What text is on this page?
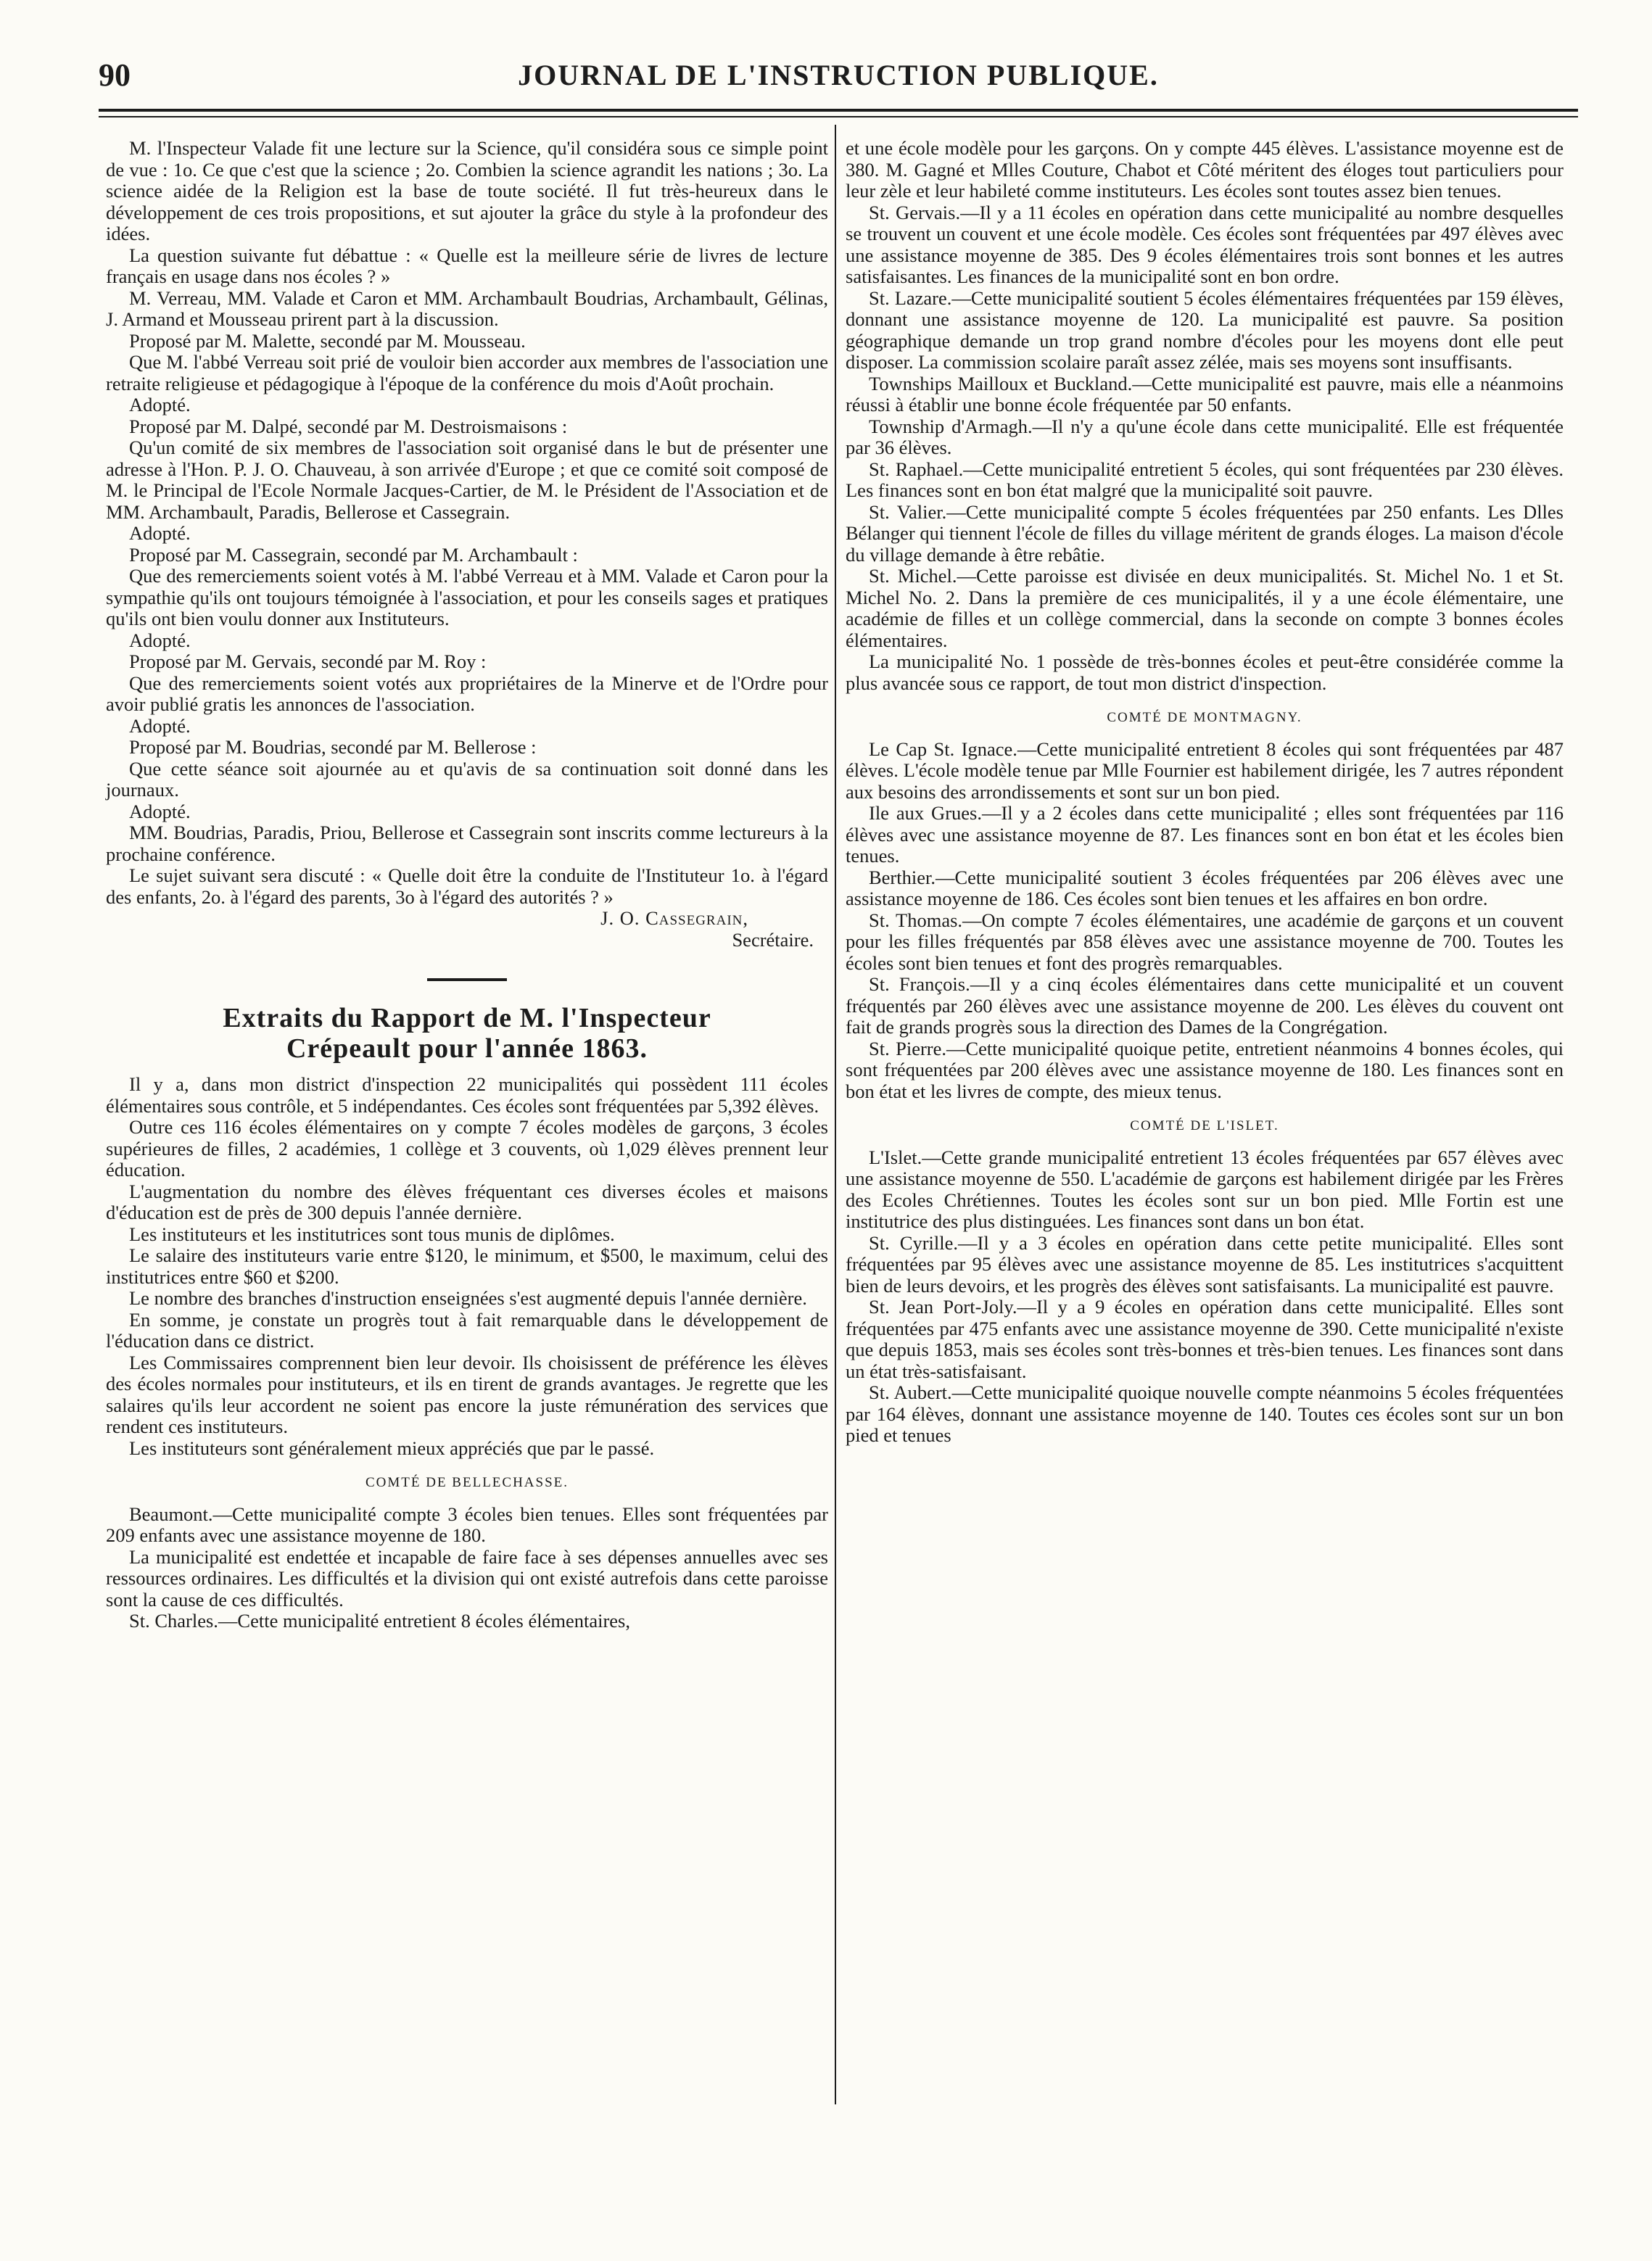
90	JOURNAL DE L'INSTRUCTION PUBLIQUE.

M. l'Inspecteur Valade fit une lecture sur la Science, qu'il considéra sous ce simple point de vue : 1o. Ce que c'est que la science ; 2o. Combien la science agrandit les nations ; 3o. La science aidée de la Religion est la base de toute société. Il fut très-heureux dans le développement de ces trois propositions, et sut ajouter la grâce du style à la profondeur des idées.

La question suivante fut débattue : « Quelle est la meilleure série de livres de lecture français en usage dans nos écoles ? »

M. Verreau, MM. Valade et Caron et MM. Archambault Boudrias, Archambault, Gélinas, J. Armand et Mousseau prirent part à la discussion.

Proposé par M. Malette, secondé par M. Mousseau.

Que M. l'abbé Verreau soit prié de vouloir bien accorder aux membres de l'association une retraite religieuse et pédagogique à l'époque de la conférence du mois d'Août prochain.

Adopté.

Proposé par M. Dalpé, secondé par M. Destroismaisons :

Qu'un comité de six membres de l'association soit organisé dans le but de présenter une adresse à l'Hon. P. J. O. Chauveau, à son arrivée d'Europe ; et que ce comité soit composé de M. le Principal de l'Ecole Normale Jacques-Cartier, de M. le Président de l'Association et de MM. Archambault, Paradis, Bellerose et Cassegrain.

Adopté.

Proposé par M. Cassegrain, secondé par M. Archambault :

Que des remerciements soient votés à M. l'abbé Verreau et à MM. Valade et Caron pour la sympathie qu'ils ont toujours témoignée à l'association, et pour les conseils sages et pratiques qu'ils ont bien voulu donner aux Instituteurs.

Adopté.

Proposé par M. Gervais, secondé par M. Roy :

Que des remerciements soient votés aux propriétaires de la Minerve et de l'Ordre pour avoir publié gratis les annonces de l'association.

Adopté.

Proposé par M. Boudrias, secondé par M. Bellerose :

Que cette séance soit ajournée au et qu'avis de sa continuation soit donné dans les journaux.

Adopté.

MM. Boudrias, Paradis, Priou, Bellerose et Cassegrain sont inscrits comme lectureurs à la prochaine conférence.

Le sujet suivant sera discuté : « Quelle doit être la conduite de l'Instituteur 1o. à l'égard des enfants, 2o. à l'égard des parents, 3o à l'égard des autorités ? »

J. O. Cassegrain,

Secrétaire.

Extraits du Rapport de M. l'Inspecteur
Crépeault pour l'année 1863.

Il y a, dans mon district d'inspection 22 municipalités qui possèdent 111 écoles élémentaires sous contrôle, et 5 indépendantes. Ces écoles sont fréquentées par 5,392 élèves.

Outre ces 116 écoles élémentaires on y compte 7 écoles modèles de garçons, 3 écoles supérieures de filles, 2 académies, 1 collège et 3 couvents, où 1,029 élèves prennent leur éducation.

L'augmentation du nombre des élèves fréquentant ces diverses écoles et maisons d'éducation est de près de 300 depuis l'année dernière.

Les instituteurs et les institutrices sont tous munis de diplômes.

Le salaire des instituteurs varie entre $120, le minimum, et $500, le maximum, celui des institutrices entre $60 et $200.

Le nombre des branches d'instruction enseignées s'est augmenté depuis l'année dernière.

En somme, je constate un progrès tout à fait remarquable dans le développement de l'éducation dans ce district.

Les Commissaires comprennent bien leur devoir. Ils choisissent de préférence les élèves des écoles normales pour instituteurs, et ils en tirent de grands avantages. Je regrette que les salaires qu'ils leur accordent ne soient pas encore la juste rémunération des services que rendent ces instituteurs.

Les instituteurs sont généralement mieux appréciés que par le passé.

COMTÉ DE BELLECHASSE.

Beaumont.—Cette municipalité compte 3 écoles bien tenues. Elles sont fréquentées par 209 enfants avec une assistance moyenne de 180.

La municipalité est endettée et incapable de faire face à ses dépenses annuelles avec ses ressources ordinaires. Les difficultés et la division qui ont existé autrefois dans cette paroisse sont la cause de ces difficultés.

St. Charles.—Cette municipalité entretient 8 écoles élémentaires,

et une école modèle pour les garçons. On y compte 445 élèves. L'assistance moyenne est de 380. M. Gagné et Mlles Couture, Chabot et Côté méritent des éloges tout particuliers pour leur zèle et leur habileté comme instituteurs. Les écoles sont toutes assez bien tenues.

St. Gervais.—Il y a 11 écoles en opération dans cette municipalité au nombre desquelles se trouvent un couvent et une école modèle. Ces écoles sont fréquentées par 497 élèves avec une assistance moyenne de 385. Des 9 écoles élémentaires trois sont bonnes et les autres satisfaisantes. Les finances de la municipalité sont en bon ordre.

St. Lazare.—Cette municipalité soutient 5 écoles élémentaires fréquentées par 159 élèves, donnant une assistance moyenne de 120. La municipalité est pauvre. Sa position géographique demande un trop grand nombre d'écoles pour les moyens dont elle peut disposer. La commission scolaire paraît assez zélée, mais ses moyens sont insuffisants.

Townships Mailloux et Buckland.—Cette municipalité est pauvre, mais elle a néanmoins réussi à établir une bonne école fréquentée par 50 enfants.

Township d'Armagh.—Il n'y a qu'une école dans cette municipalité. Elle est fréquentée par 36 élèves.

St. Raphael.—Cette municipalité entretient 5 écoles, qui sont fréquentées par 230 élèves. Les finances sont en bon état malgré que la municipalité soit pauvre.

St. Valier.—Cette municipalité compte 5 écoles fréquentées par 250 enfants. Les Dlles Bélanger qui tiennent l'école de filles du village méritent de grands éloges. La maison d'école du village demande à être rebâtie.

St. Michel.—Cette paroisse est divisée en deux municipalités. St. Michel No. 1 et St. Michel No. 2. Dans la première de ces municipalités, il y a une école élémentaire, une académie de filles et un collège commercial, dans la seconde on compte 3 bonnes écoles élémentaires.

La municipalité No. 1 possède de très-bonnes écoles et peut-être considérée comme la plus avancée sous ce rapport, de tout mon district d'inspection.

COMTÉ DE MONTMAGNY.

Le Cap St. Ignace.—Cette municipalité entretient 8 écoles qui sont fréquentées par 487 élèves. L'école modèle tenue par Mlle Fournier est habilement dirigée, les 7 autres répondent aux besoins des arrondissements et sont sur un bon pied.

Ile aux Grues.—Il y a 2 écoles dans cette municipalité ; elles sont fréquentées par 116 élèves avec une assistance moyenne de 87. Les finances sont en bon état et les écoles bien tenues.

Berthier.—Cette municipalité soutient 3 écoles fréquentées par 206 élèves avec une assistance moyenne de 186. Ces écoles sont bien tenues et les affaires en bon ordre.

St. Thomas.—On compte 7 écoles élémentaires, une académie de garçons et un couvent pour les filles fréquentés par 858 élèves avec une assistance moyenne de 700. Toutes les écoles sont bien tenues et font des progrès remarquables.

St. François.—Il y a cinq écoles élémentaires dans cette municipalité et un couvent fréquentés par 260 élèves avec une assistance moyenne de 200. Les élèves du couvent ont fait de grands progrès sous la direction des Dames de la Congrégation.

St. Pierre.—Cette municipalité quoique petite, entretient néanmoins 4 bonnes écoles, qui sont fréquentées par 200 élèves avec une assistance moyenne de 180. Les finances sont en bon état et les livres de compte, des mieux tenus.

COMTÉ DE L'ISLET.

L'Islet.—Cette grande municipalité entretient 13 écoles fréquentées par 657 élèves avec une assistance moyenne de 550. L'académie de garçons est habilement dirigée par les Frères des Ecoles Chrétiennes. Toutes les écoles sont sur un bon pied. Mlle Fortin est une institutrice des plus distinguées. Les finances sont dans un bon état.

St. Cyrille.—Il y a 3 écoles en opération dans cette petite municipalité. Elles sont fréquentées par 95 élèves avec une assistance moyenne de 85. Les institutrices s'acquittent bien de leurs devoirs, et les progrès des élèves sont satisfaisants. La municipalité est pauvre.

St. Jean Port-Joly.—Il y a 9 écoles en opération dans cette municipalité. Elles sont fréquentées par 475 enfants avec une assistance moyenne de 390. Cette municipalité n'existe que depuis 1853, mais ses écoles sont très-bonnes et très-bien tenues. Les finances sont dans un état très-satisfaisant.

St. Aubert.—Cette municipalité quoique nouvelle compte néanmoins 5 écoles fréquentées par 164 élèves, donnant une assistance moyenne de 140. Toutes ces écoles sont sur un bon pied et tenues
